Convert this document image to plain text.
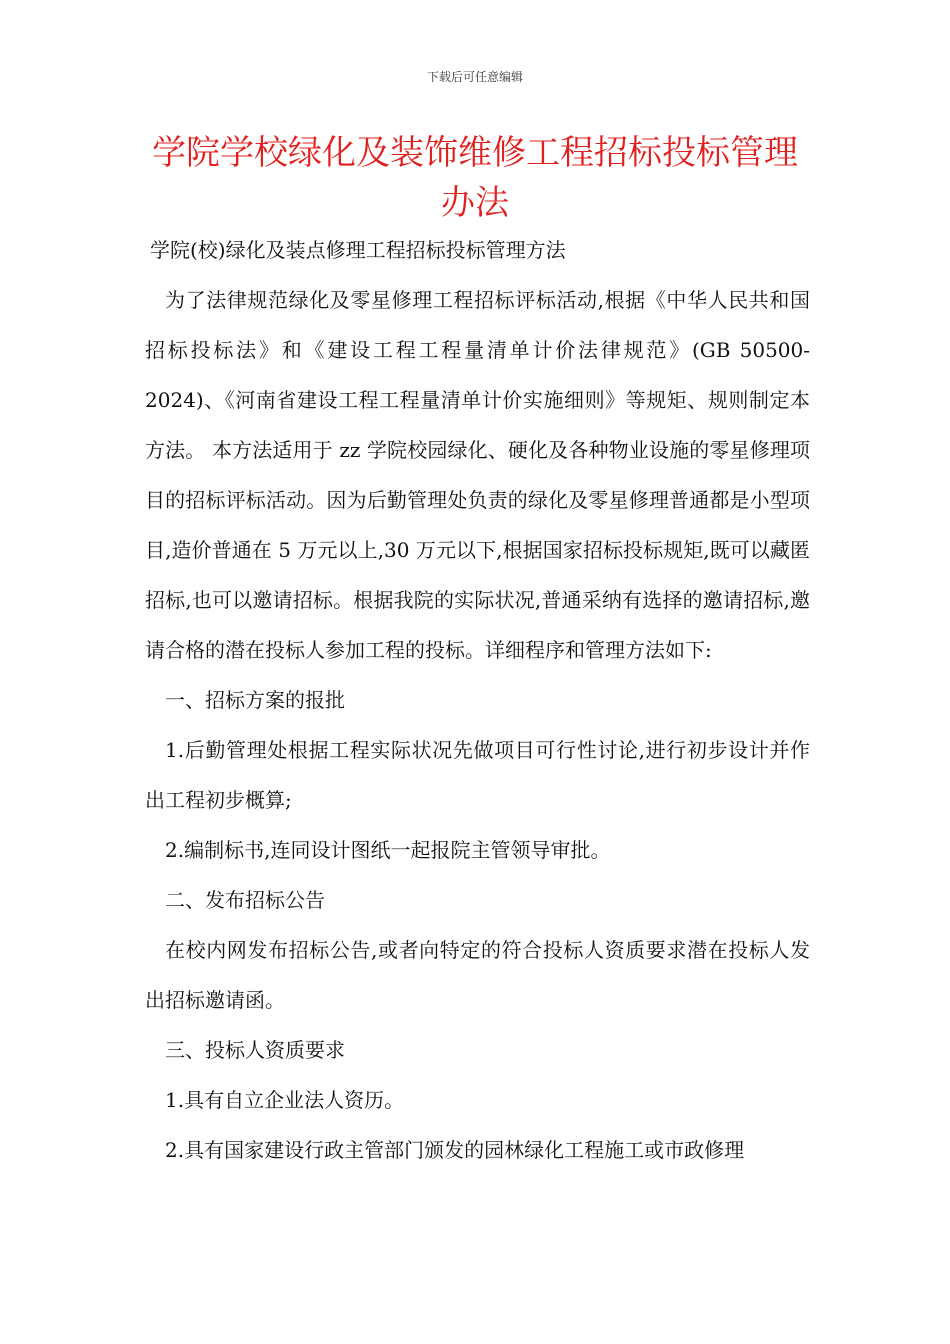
下载后可任意编辑
学院学校绿化及装饰维修工程招标投标管理办法

学院(校)绿化及装点修理工程招标投标管理方法

为了法律规范绿化及零星修理工程招标评标活动,根据《中华人民共和国招标投标法》和《建设工程工程量清单计价法律规范》(GB 50500-2024)、《河南省建设工程工程量清单计价实施细则》等规矩、规则制定本方法。 本方法适用于 zz 学院校园绿化、硬化及各种物业设施的零星修理项目的招标评标活动。因为后勤管理处负责的绿化及零星修理普通都是小型项目,造价普通在 5 万元以上,30 万元以下,根据国家招标投标规矩,既可以藏匿招标,也可以邀请招标。根据我院的实际状况,普通采纳有选择的邀请招标,邀请合格的潜在投标人参加工程的投标。详细程序和管理方法如下:

一、招标方案的报批

1.后勤管理处根据工程实际状况先做项目可行性讨论,进行初步设计并作出工程初步概算;

2.编制标书,连同设计图纸一起报院主管领导审批。

二、发布招标公告

在校内网发布招标公告,或者向特定的符合投标人资质要求潜在投标人发出招标邀请函。

三、投标人资质要求

1.具有自立企业法人资历。

2.具有国家建设行政主管部门颁发的园林绿化工程施工或市政修理
